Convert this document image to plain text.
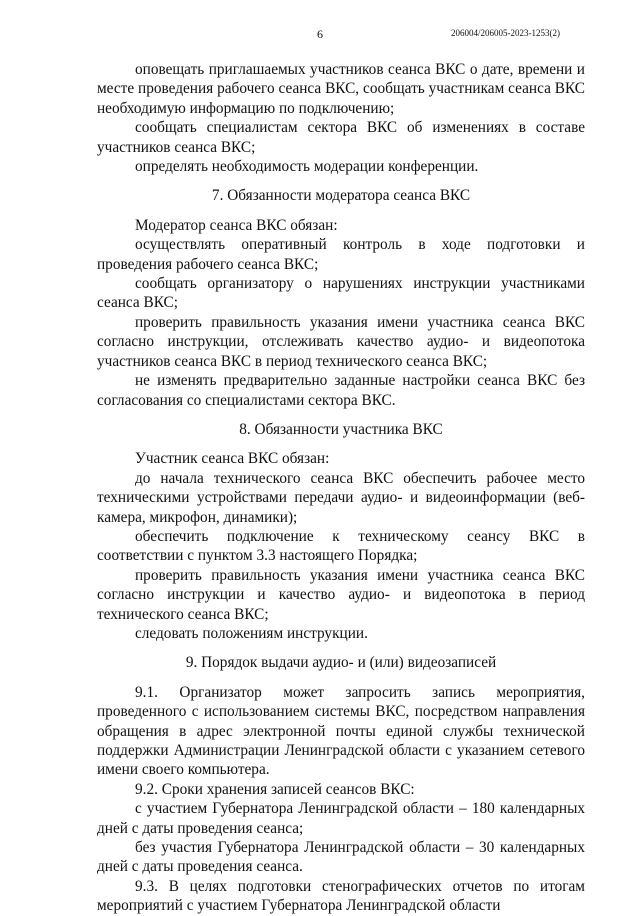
6	206004/206005-2023-1253(2)

оповещать приглашаемых участников сеанса ВКС о дате, времени и месте проведения рабочего сеанса ВКС, сообщать участникам сеанса ВКС необходимую информацию по подключению;

сообщать специалистам сектора ВКС об изменениях в составе участников сеанса ВКС;

определять необходимость модерации конференции.

7. Обязанности модератора сеанса ВКС

Модератор сеанса ВКС обязан:

осуществлять оперативный контроль в ходе подготовки и проведения рабочего сеанса ВКС;

сообщать организатору о нарушениях инструкции участниками сеанса ВКС;

проверить правильность указания имени участника сеанса ВКС согласно инструкции, отслеживать качество аудио- и видеопотока участников сеанса ВКС в период технического сеанса ВКС;

не изменять предварительно заданные настройки сеанса ВКС без согласования со специалистами сектора ВКС.

8. Обязанности участника ВКС

Участник сеанса ВКС обязан:

до начала технического сеанса ВКС обеспечить рабочее место техническими устройствами передачи аудио- и видеоинформации (веб-камера, микрофон, динамики);

обеспечить подключение к техническому сеансу ВКС в соответствии с пунктом 3.3 настоящего Порядка;

проверить правильность указания имени участника сеанса ВКС согласно инструкции и качество аудио- и видеопотока в период технического сеанса ВКС;

следовать положениям инструкции.

9. Порядок выдачи аудио- и (или) видеозаписей

9.1. Организатор может запросить запись мероприятия, проведенного с использованием системы ВКС, посредством направления обращения в адрес электронной почты единой службы технической поддержки Администрации Ленинградской области с указанием сетевого имени своего компьютера.

9.2. Сроки хранения записей сеансов ВКС:

с участием Губернатора Ленинградской области – 180 календарных дней с даты проведения сеанса;

без участия Губернатора Ленинградской области – 30 календарных дней с даты проведения сеанса.

9.3. В целях подготовки стенографических отчетов по итогам мероприятий с участием Губернатора Ленинградской области
